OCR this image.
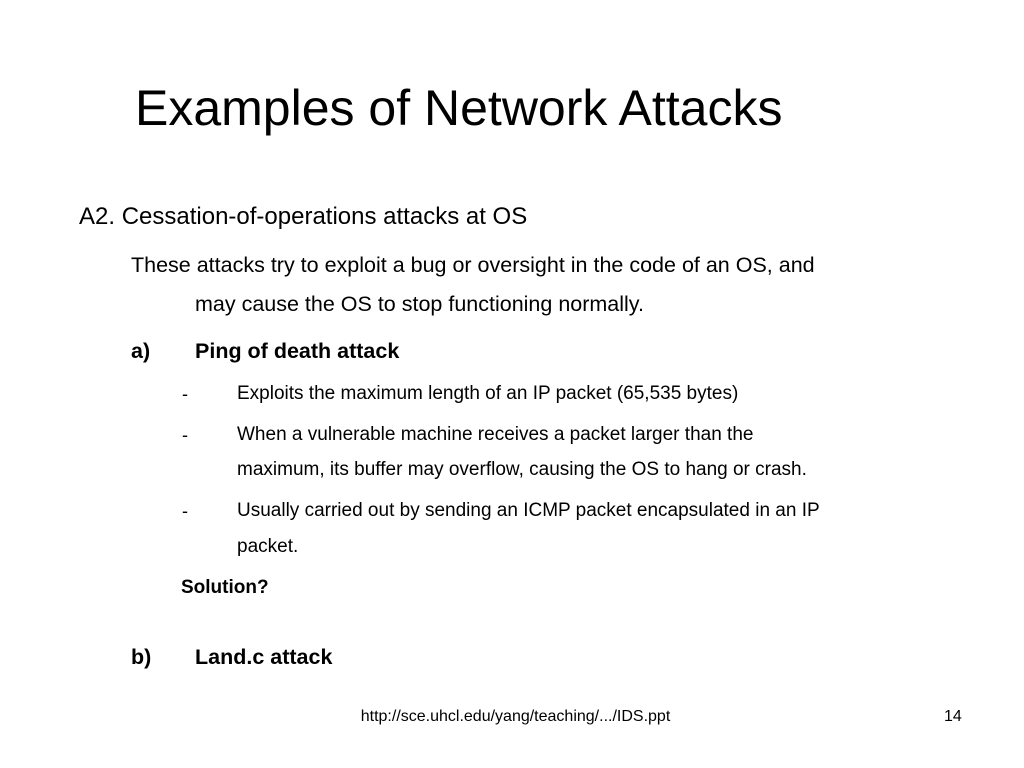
Examples of Network Attacks
A2. Cessation-of-operations attacks at OS
These attacks try to exploit a bug or oversight in the code of an OS, and
may cause the OS to stop functioning normally.
a) Ping of death attack
-	Exploits the maximum length of an IP packet (65,535 bytes)
-	When a vulnerable machine receives a packet larger than the
maximum, its buffer may overflow, causing the OS to hang or crash.
-	Usually carried out by sending an ICMP packet encapsulated in an IP
packet.
Solution?
b) Land.c attack
http://sce.uhcl.edu/yang/teaching/.../IDS.ppt	14
